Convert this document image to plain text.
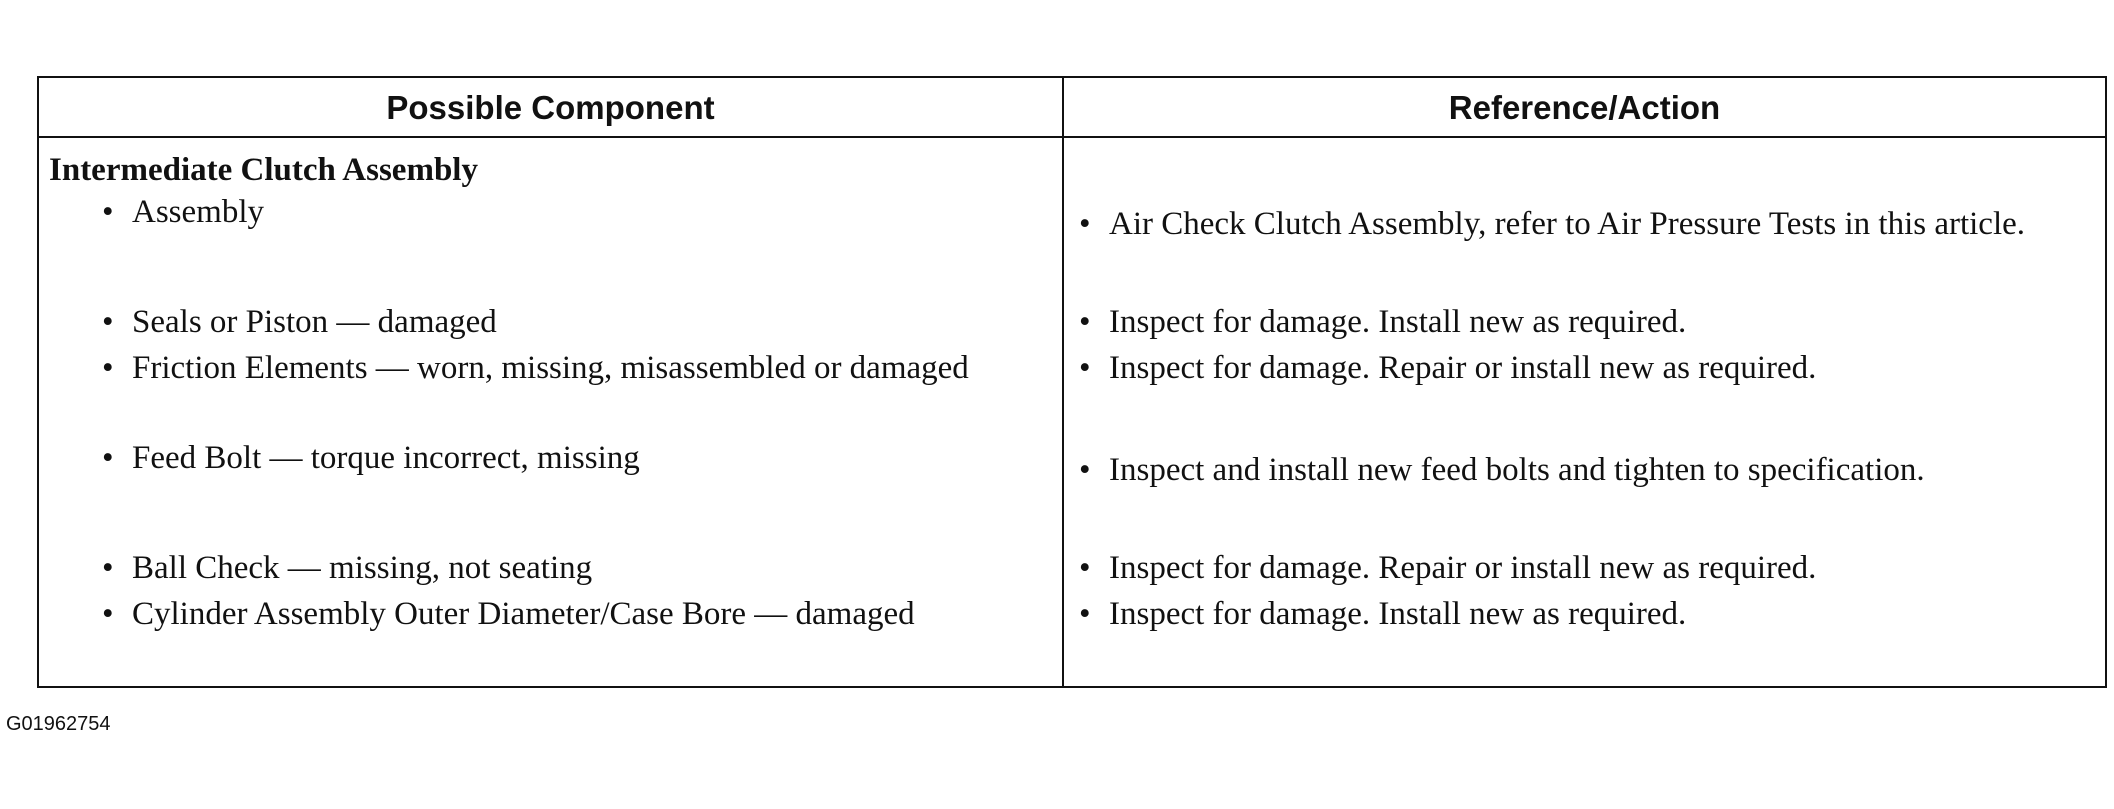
Possible Component	Reference/Action
Intermediate Clutch Assembly
• Assembly	• Air Check Clutch Assembly, refer to Air Pressure Tests in this article.
• Seals or Piston — damaged	• Inspect for damage. Install new as required.
• Friction Elements — worn, missing, misassembled or damaged	• Inspect for damage. Repair or install new as required.
• Feed Bolt — torque incorrect, missing	• Inspect and install new feed bolts and tighten to specification.
• Ball Check — missing, not seating	• Inspect for damage. Repair or install new as required.
• Cylinder Assembly Outer Diameter/Case Bore — damaged	• Inspect for damage. Install new as required.
G01962754
